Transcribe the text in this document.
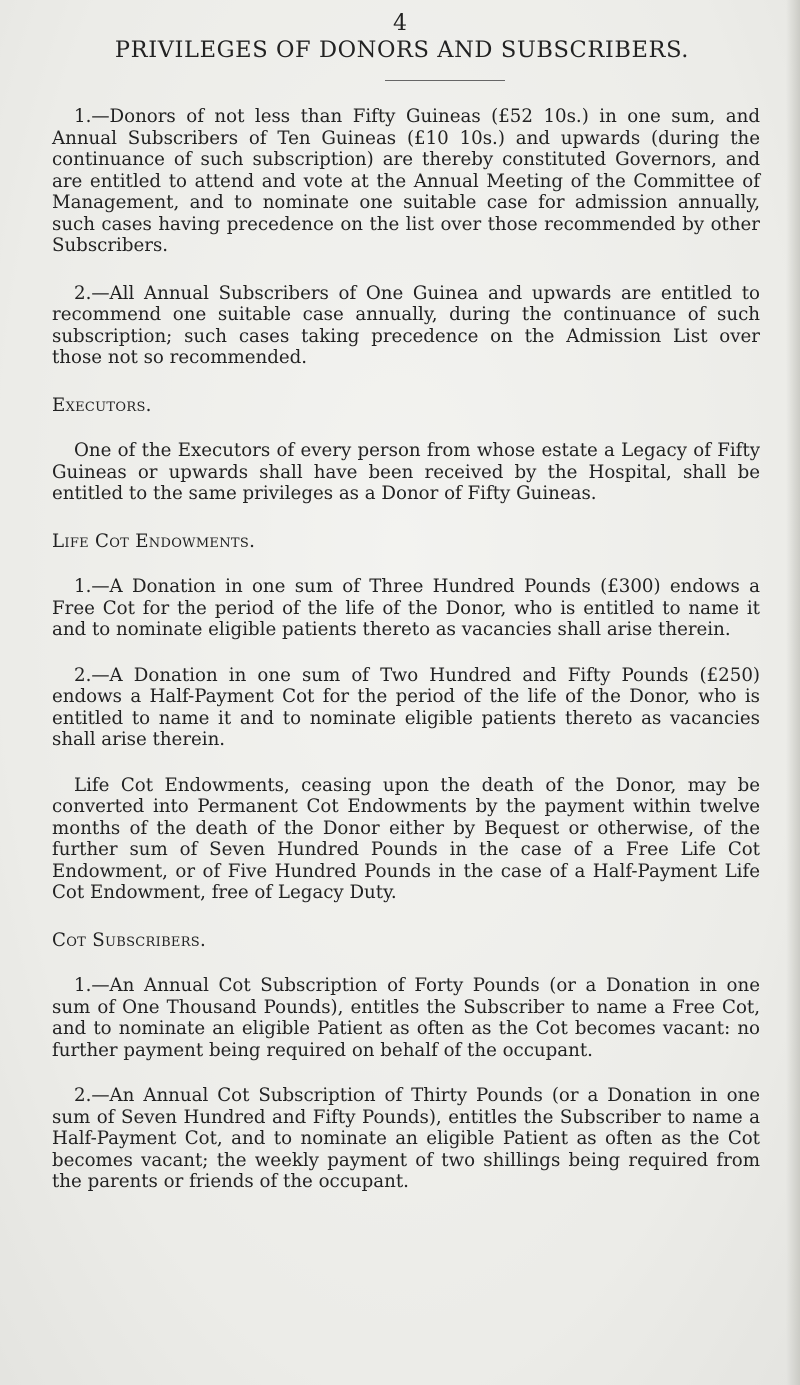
4
PRIVILEGES OF DONORS AND SUBSCRIBERS.

1.—Donors of not less than Fifty Guineas (£52 10s.) in one sum, and Annual Subscribers of Ten Guineas (£10 10s.) and upwards (during the continuance of such subscription) are thereby constituted Governors, and are entitled to attend and vote at the Annual Meeting of the Committee of Management, and to nominate one suitable case for admission annually, such cases having precedence on the list over those recommended by other Subscribers.

2.—All Annual Subscribers of One Guinea and upwards are entitled to recommend one suitable case annually, during the continuance of such subscription; such cases taking precedence on the Admission List over those not so recommended.

Executors.

One of the Executors of every person from whose estate a Legacy of Fifty Guineas or upwards shall have been received by the Hospital, shall be entitled to the same privileges as a Donor of Fifty Guineas.

Life Cot Endowments.

1.—A Donation in one sum of Three Hundred Pounds (£300) endows a Free Cot for the period of the life of the Donor, who is entitled to name it and to nominate eligible patients thereto as vacancies shall arise therein.

2.—A Donation in one sum of Two Hundred and Fifty Pounds (£250) endows a Half-Payment Cot for the period of the life of the Donor, who is entitled to name it and to nominate eligible patients thereto as vacancies shall arise therein.

Life Cot Endowments, ceasing upon the death of the Donor, may be converted into Permanent Cot Endowments by the payment within twelve months of the death of the Donor either by Bequest or otherwise, of the further sum of Seven Hundred Pounds in the case of a Free Life Cot Endowment, or of Five Hundred Pounds in the case of a Half-Payment Life Cot Endowment, free of Legacy Duty.

Cot Subscribers.

1.—An Annual Cot Subscription of Forty Pounds (or a Donation in one sum of One Thousand Pounds), entitles the Subscriber to name a Free Cot, and to nominate an eligible Patient as often as the Cot becomes vacant: no further payment being required on behalf of the occupant.

2.—An Annual Cot Subscription of Thirty Pounds (or a Donation in one sum of Seven Hundred and Fifty Pounds), entitles the Subscriber to name a Half-Payment Cot, and to nominate an eligible Patient as often as the Cot becomes vacant; the weekly payment of two shillings being required from the parents or friends of the occupant.
